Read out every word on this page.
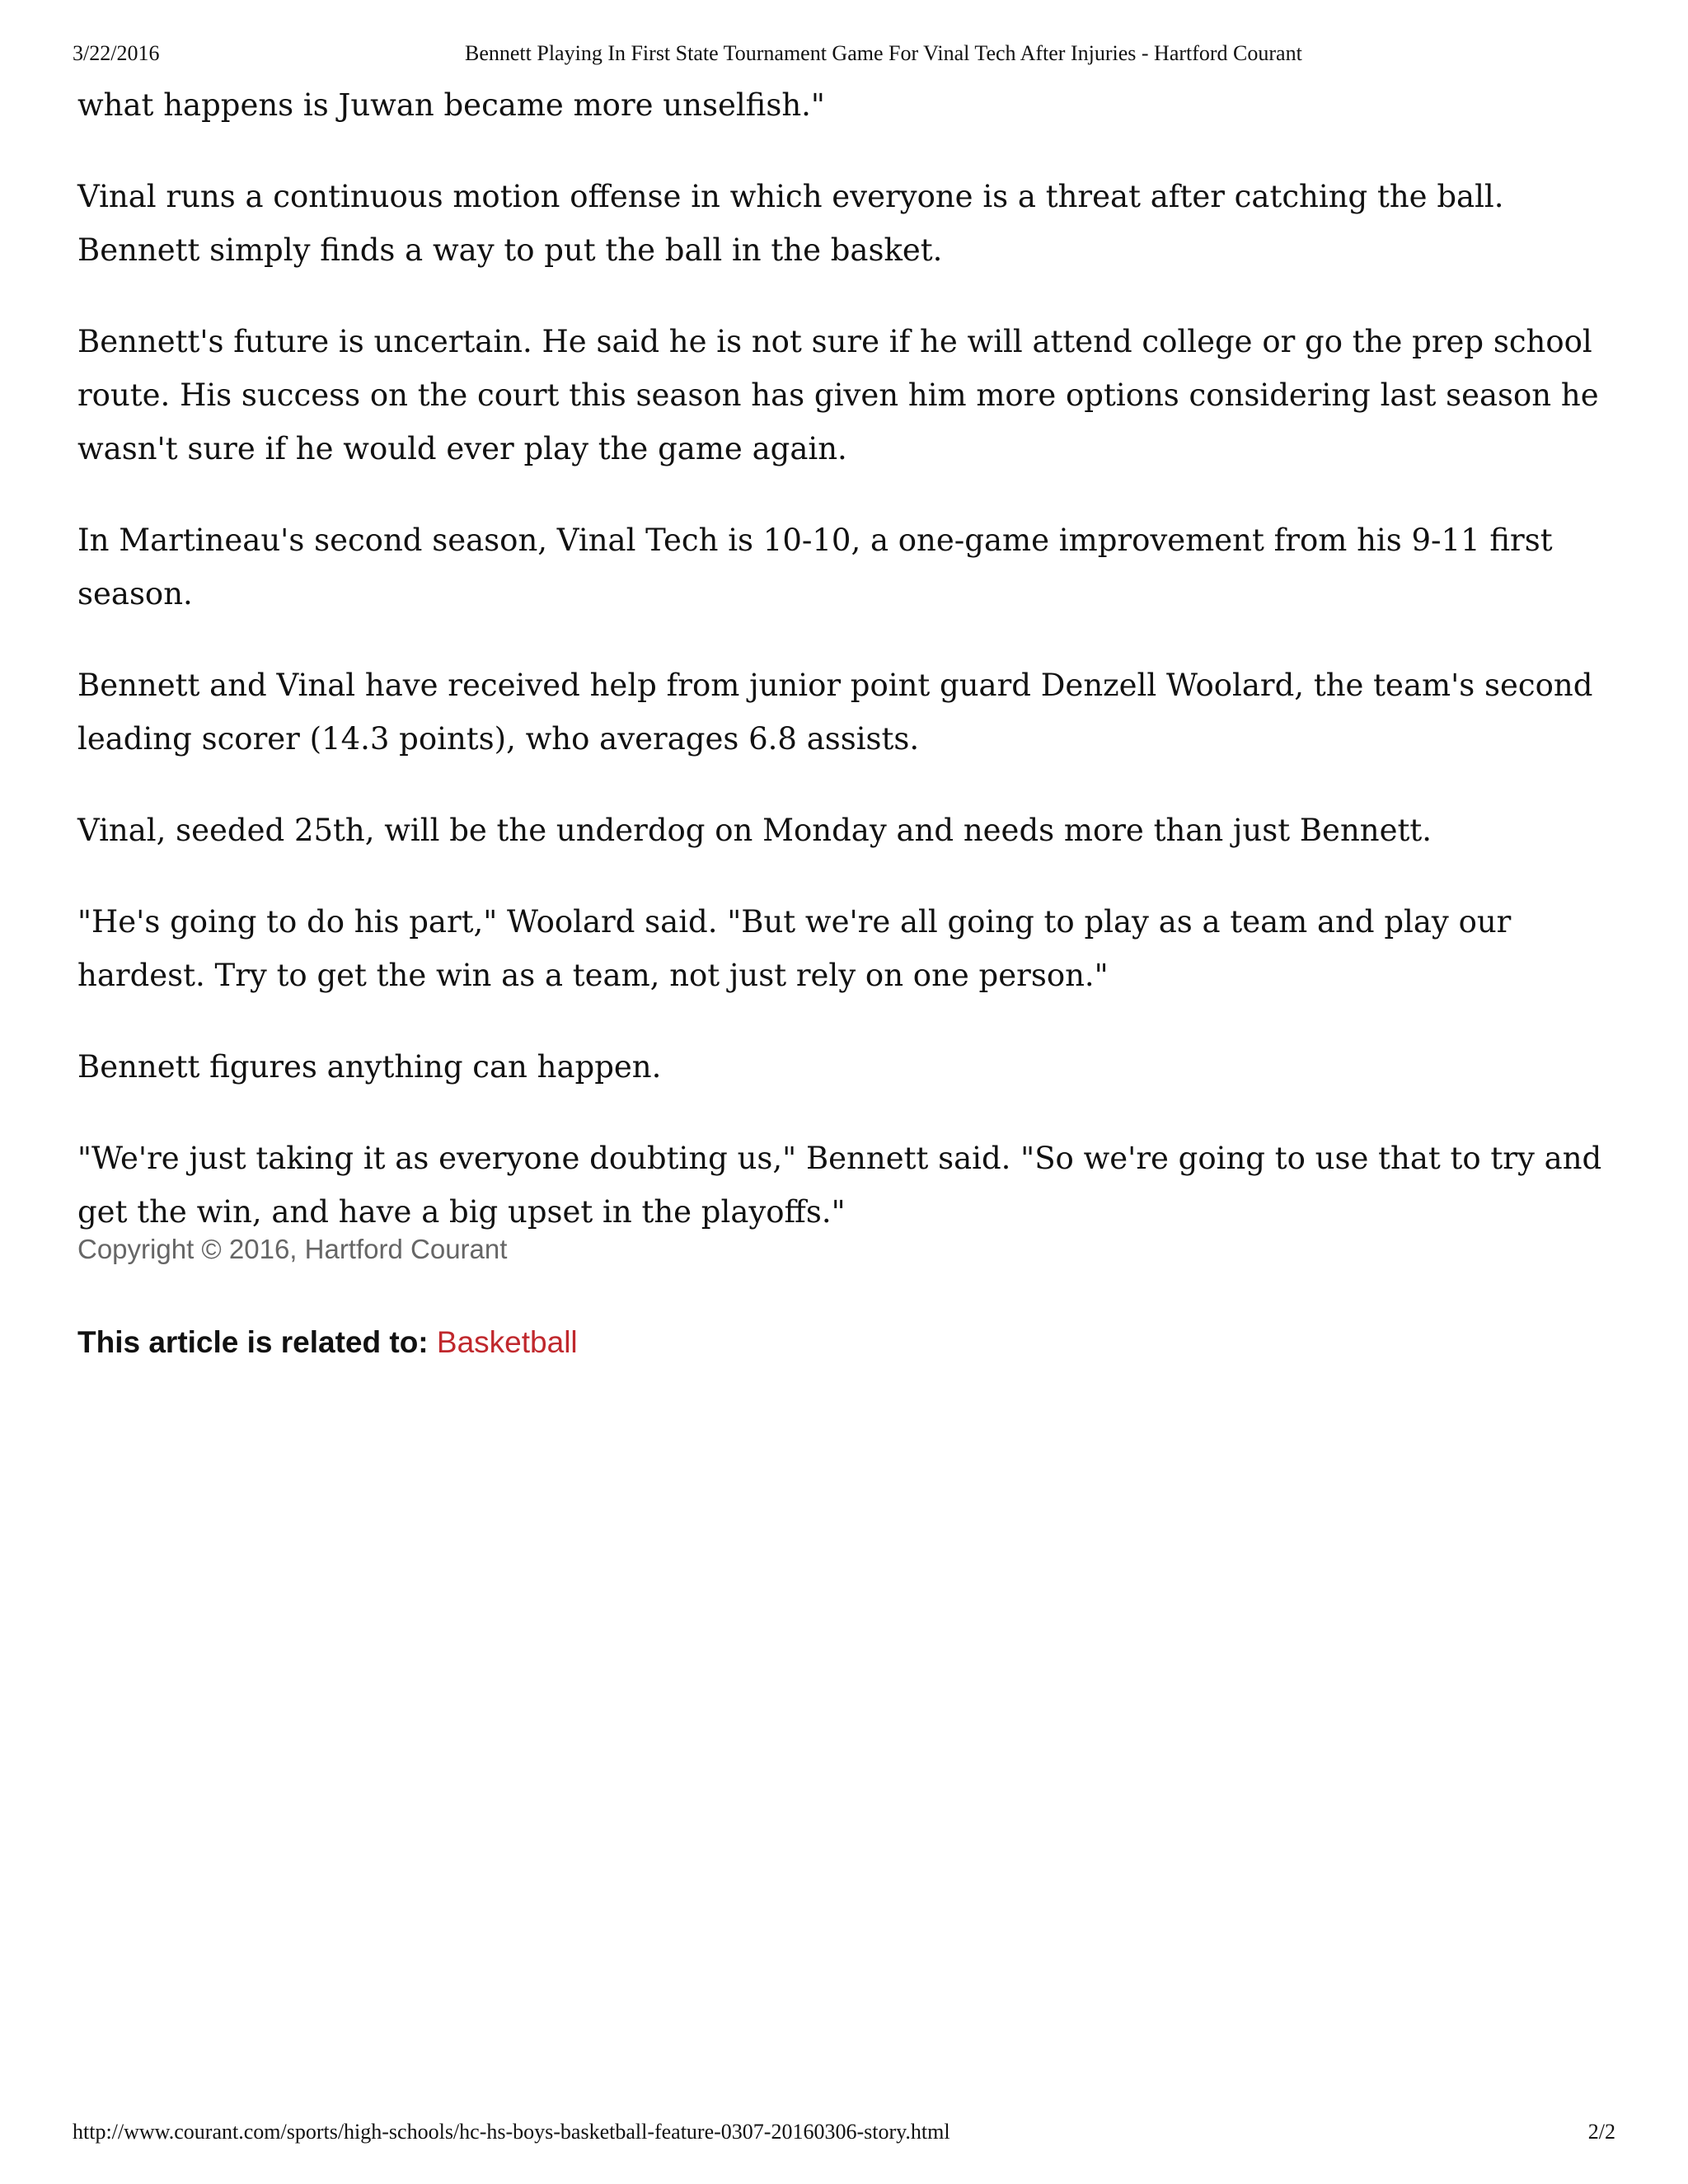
3/22/2016	Bennett Playing In First State Tournament Game For Vinal Tech After Injuries - Hartford Courant

what happens is Juwan became more unselfish."

Vinal runs a continuous motion offense in which everyone is a threat after catching the ball. Bennett simply finds a way to put the ball in the basket.

Bennett's future is uncertain. He said he is not sure if he will attend college or go the prep school route. His success on the court this season has given him more options considering last season he wasn't sure if he would ever play the game again.

In Martineau's second season, Vinal Tech is 10-10, a one-game improvement from his 9-11 first season.

Bennett and Vinal have received help from junior point guard Denzell Woolard, the team's second leading scorer (14.3 points), who averages 6.8 assists.

Vinal, seeded 25th, will be the underdog on Monday and needs more than just Bennett.

"He's going to do his part," Woolard said. "But we're all going to play as a team and play our hardest. Try to get the win as a team, not just rely on one person."

Bennett figures anything can happen.

"We're just taking it as everyone doubting us," Bennett said. "So we're going to use that to try and get the win, and have a big upset in the playoffs."

Copyright © 2016, Hartford Courant
This article is related to: Basketball
http://www.courant.com/sports/high-schools/hc-hs-boys-basketball-feature-0307-20160306-story.html	2/2
